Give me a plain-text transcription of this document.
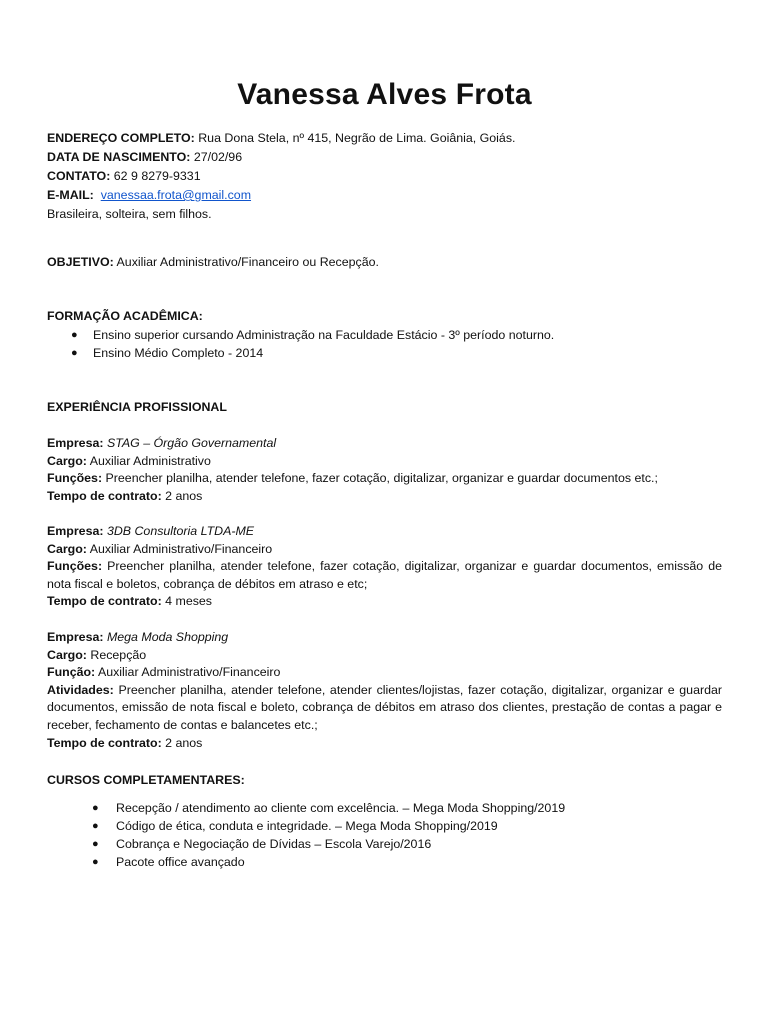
Vanessa Alves Frota
ENDEREÇO COMPLETO: Rua Dona Stela, nº 415, Negrão de Lima. Goiânia, Goiás.
DATA DE NASCIMENTO: 27/02/96
CONTATO: 62 9 8279-9331
E-MAIL: vanessaa.frota@gmail.com
Brasileira, solteira, sem filhos.
OBJETIVO: Auxiliar Administrativo/Financeiro ou Recepção.
FORMAÇÃO ACADÊMICA:
● Ensino superior cursando Administração na Faculdade Estácio - 3º período noturno.
● Ensino Médio Completo - 2014
EXPERIÊNCIA PROFISSIONAL
Empresa: STAG – Órgão Governamental
Cargo: Auxiliar Administrativo
Funções: Preencher planilha, atender telefone, fazer cotação, digitalizar, organizar e guardar documentos etc.;
Tempo de contrato: 2 anos
Empresa: 3DB Consultoria LTDA-ME
Cargo: Auxiliar Administrativo/Financeiro
Funções: Preencher planilha, atender telefone, fazer cotação, digitalizar, organizar e guardar documentos, emissão de nota fiscal e boletos, cobrança de débitos em atraso e etc;
Tempo de contrato: 4 meses
Empresa: Mega Moda Shopping
Cargo: Recepção
Função: Auxiliar Administrativo/Financeiro
Atividades: Preencher planilha, atender telefone, atender clientes/lojistas, fazer cotação, digitalizar, organizar e guardar documentos, emissão de nota fiscal e boleto, cobrança de débitos em atraso dos clientes, prestação de contas a pagar e receber, fechamento de contas e balancetes etc.;
Tempo de contrato: 2 anos
CURSOS COMPLETAMENTARES:
● Recepção / atendimento ao cliente com excelência. – Mega Moda Shopping/2019
● Código de ética, conduta e integridade. – Mega Moda Shopping/2019
● Cobrança e Negociação de Dívidas – Escola Varejo/2016
● Pacote office avançado
